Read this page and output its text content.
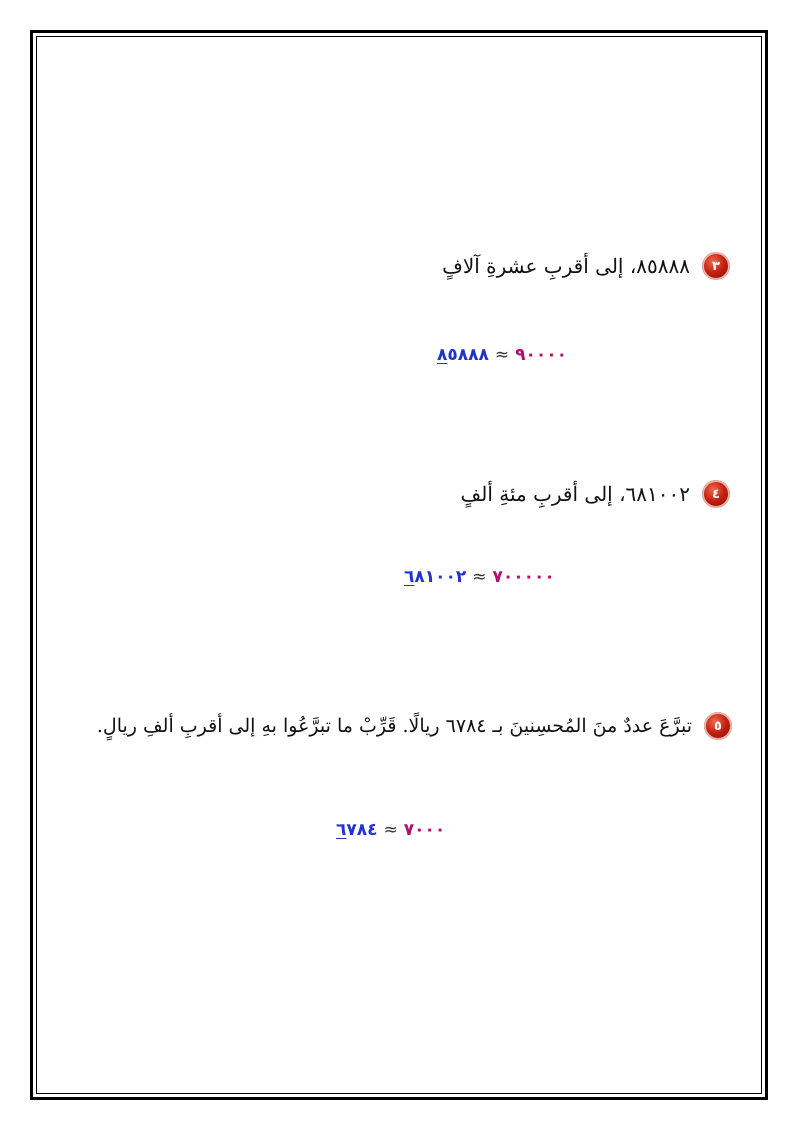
٣
٨٥٨٨٨، إلى أقربِ عشرةِ آلافٍ
٩٠٠٠٠≈٨٥٨٨٨
٤
٦٨١٠٠٢، إلى أقربِ مئةِ ألفٍ
٧٠٠٠٠٠≈٦٨١٠٠٢
٥
تبرَّعَ عددٌ منَ المُحسِنينَ بـ ٦٧٨٤ ريالًا. قَرِّبْ ما تبرَّعُوا بهِ إلى أقربِ ألفِ ريالٍ.
٧٠٠٠≈٦٧٨٤
